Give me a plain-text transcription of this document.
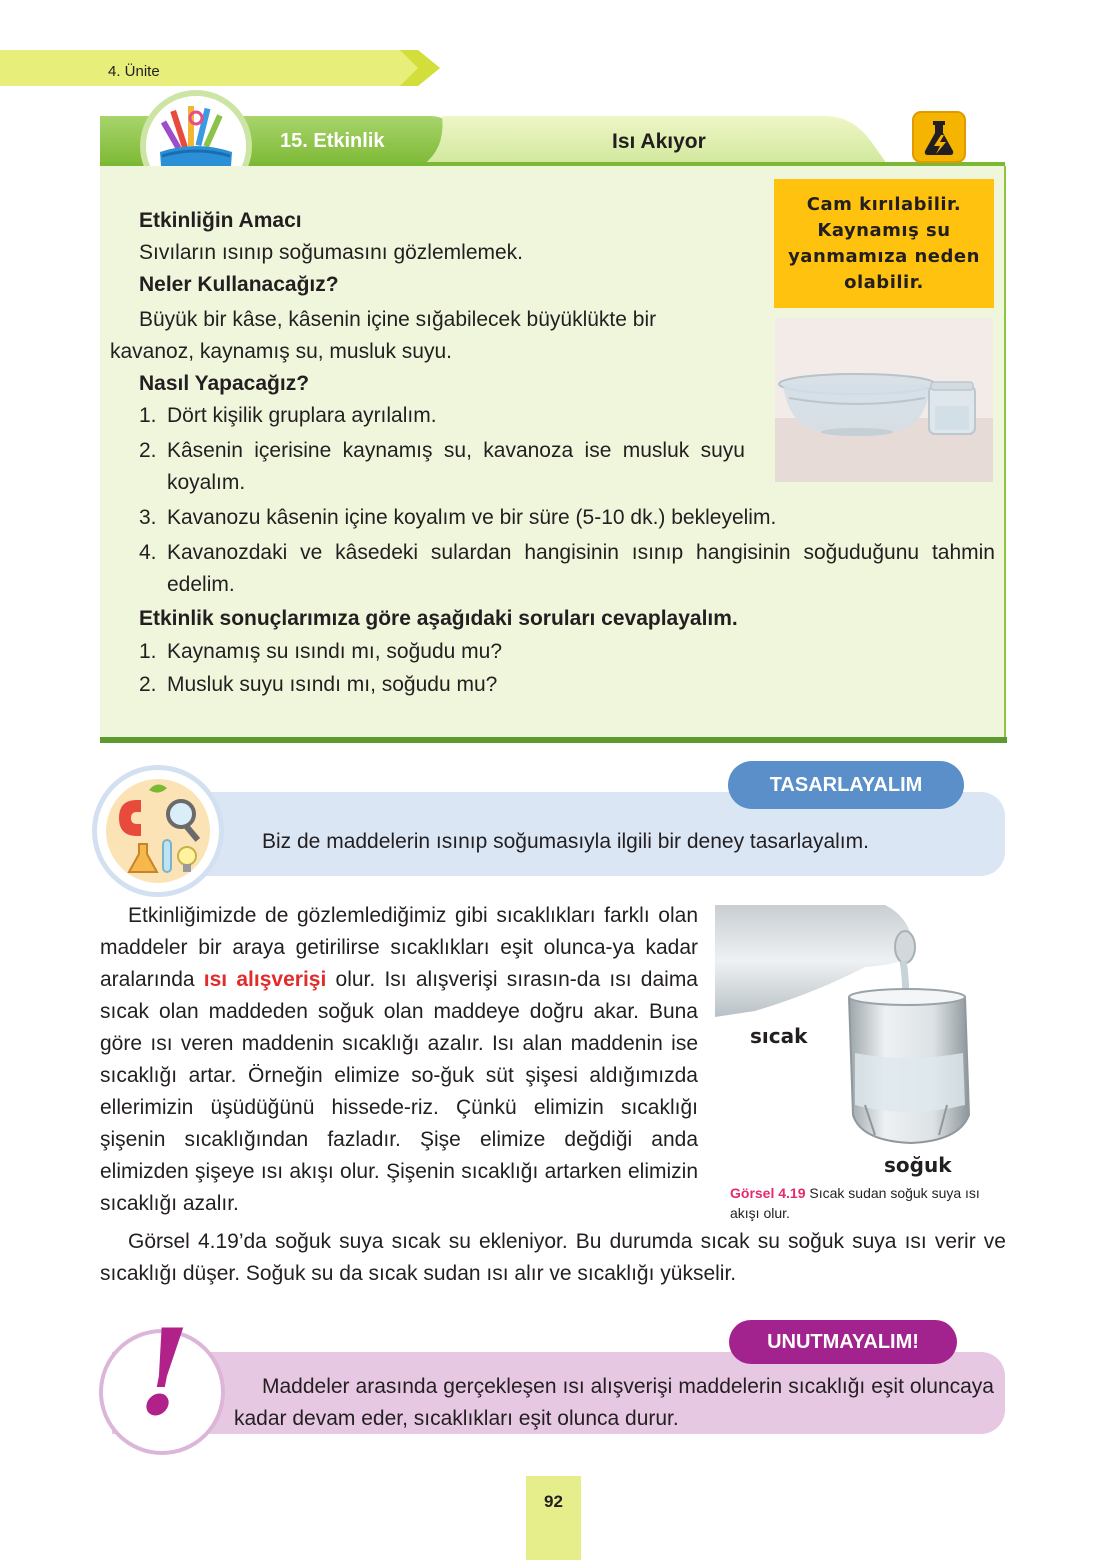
4. Ünite
15. Etkinlik	Isı Akıyor
Cam kırılabilir. Kaynamış su yanmamıza neden olabilir.
Etkinliğin Amacı
Sıvıların ısınıp soğumasını gözlemlemek.
Neler Kullanacağız?
Büyük bir kâse, kâsenin içine sığabilecek büyüklükte bir
kavanoz, kaynamış su, musluk suyu.
Nasıl Yapacağız?
1. Dört kişilik gruplara ayrılalım.

2. Kâsenin içerisine kaynamış su, kavanoza ise musluk suyu koyalım.

3. Kavanozu kâsenin içine koyalım ve bir süre (5-10 dk.) bekleyelim.

4. Kavanozdaki ve kâsedeki sulardan hangisinin ısınıp hangisinin soğuduğunu tahmin edelim.

Etkinlik sonuçlarımıza göre aşağıdaki soruları cevaplayalım.
1. Kaynamış su ısındı mı, soğudu mu?

2. Musluk suyu ısındı mı, soğudu mu?

TASARLAYALIM
Biz de maddelerin ısınıp soğumasıyla ilgili bir deney tasarlayalım.

Etkinliğimizde de gözlemlediğimiz gibi sıcaklıkları farklı olan maddeler bir araya getirilirse sıcaklıkları eşit olunca-ya kadar aralarında ısı alışverişi olur. Isı alışverişi sırasın-da ısı daima sıcak olan maddeden soğuk olan maddeye doğru akar. Buna göre ısı veren maddenin sıcaklığı azalır. Isı alan maddenin ise sıcaklığı artar. Örneğin elimize so-ğuk süt şişesi aldığımızda ellerimizin üşüdüğünü hissede-riz. Çünkü elimizin sıcaklığı şişenin sıcaklığından fazladır. Şişe elimize değdiği anda elimizden şişeye ısı akışı olur. Şişenin sıcaklığı artarken elimizin sıcaklığı azalır.

sıcak
soğuk
Görsel 4.19 Sıcak sudan soğuk suya ısı akışı olur.

Görsel 4.19’da soğuk suya sıcak su ekleniyor. Bu durumda sıcak su soğuk suya ısı verir ve sıcaklığı düşer. Soğuk su da sıcak sudan ısı alır ve sıcaklığı yükselir.

!	UNUTMAYALIM!

Maddeler arasında gerçekleşen ısı alışverişi maddelerin sıcaklığı eşit oluncaya kadar devam eder, sıcaklıkları eşit olunca durur.

92
